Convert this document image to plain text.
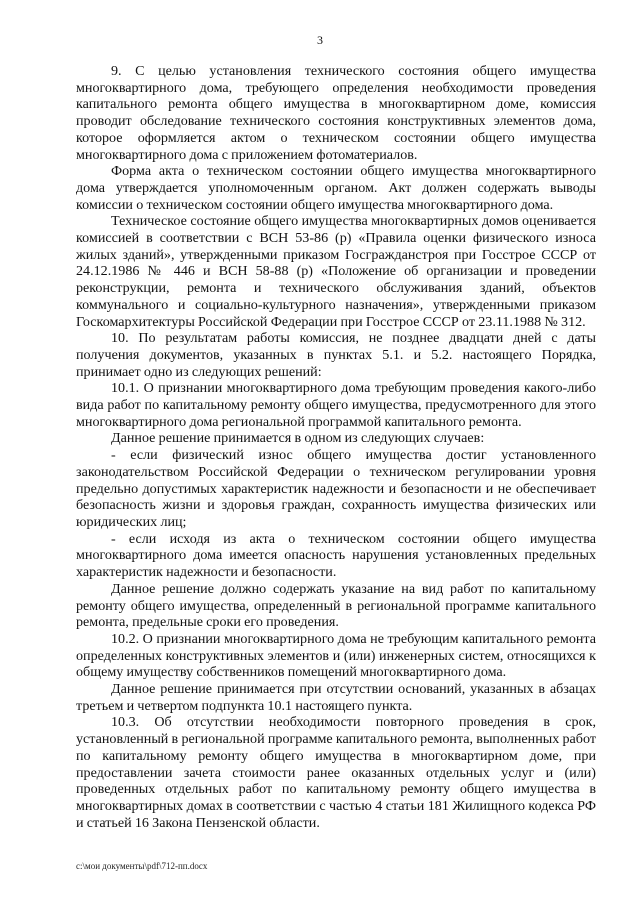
3

9. С целью установления технического состояния общего имущества многоквартирного дома, требующего определения необходимости проведения капитального ремонта общего имущества в многоквартирном доме, комиссия проводит обследование технического состояния конструктивных элементов дома, которое оформляется актом о техническом состоянии общего имущества многоквартирного дома с приложением фотоматериалов.

Форма акта о техническом состоянии общего имущества многоквартирного дома утверждается уполномоченным органом. Акт должен содержать выводы комиссии о техническом состоянии общего имущества многоквартирного дома.

Техническое состояние общего имущества многоквартирных домов оценивается комиссией в соответствии с ВСН 53-86 (р) «Правила оценки физического износа жилых зданий», утвержденными приказом Госгражданстроя при Госстрое СССР от 24.12.1986 № 446 и ВСН 58-88 (р) «Положение об организации и проведении реконструкции, ремонта и технического обслуживания зданий, объектов коммунального и социально-культурного назначения», утвержденными приказом Госкомархитектуры Российской Федерации при Госстрое СССР от 23.11.1988 № 312.

10. По результатам работы комиссия, не позднее двадцати дней с даты получения документов, указанных в пунктах 5.1. и 5.2. настоящего Порядка, принимает одно из следующих решений:

10.1. О признании многоквартирного дома требующим проведения какого-либо вида работ по капитальному ремонту общего имущества, предусмотренного для этого многоквартирного дома региональной программой капитального ремонта.

Данное решение принимается в одном из следующих случаев:

- если физический износ общего имущества достиг установленного законодательством Российской Федерации о техническом регулировании уровня предельно допустимых характеристик надежности и безопасности и не обеспечивает безопасность жизни и здоровья граждан, сохранность имущества физических или юридических лиц;

- если исходя из акта о техническом состоянии общего имущества многоквартирного дома имеется опасность нарушения установленных предельных характеристик надежности и безопасности.

Данное решение должно содержать указание на вид работ по капитальному ремонту общего имущества, определенный в региональной программе капитального ремонта, предельные сроки его проведения.

10.2. О признании многоквартирного дома не требующим капитального ремонта определенных конструктивных элементов и (или) инженерных систем, относящихся к общему имуществу собственников помещений многоквартирного дома.

Данное решение принимается при отсутствии оснований, указанных в абзацах третьем и четвертом подпункта 10.1 настоящего пункта.

10.3. Об отсутствии необходимости повторного проведения в срок, установленный в региональной программе капитального ремонта, выполненных работ по капитальному ремонту общего имущества в многоквартирном доме, при предоставлении зачета стоимости ранее оказанных отдельных услуг и (или) проведенных отдельных работ по капитальному ремонту общего имущества в многоквартирных домах в соответствии с частью 4 статьи 181 Жилищного кодекса РФ и статьей 16 Закона Пензенской области.

c:\мои документы\pdf\712-пп.docx
